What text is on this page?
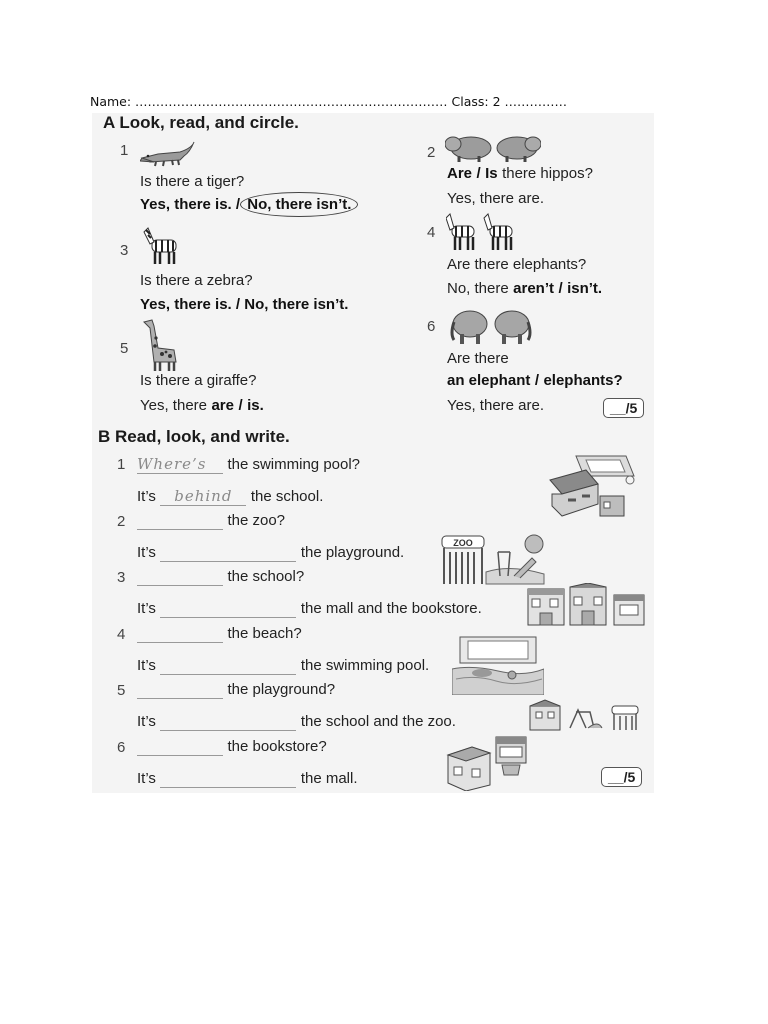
Name: ………………………………………………………………… Class: 2 ……………
A Look, read, and circle.
1
Is there a tiger?
Yes, there is. / No, there isn’t.
2
Are / Is there hippos?
Yes, there are.
3
Is there a zebra?
Yes, there is. / No, there isn’t.
4
Are there elephants?
No, there aren’t / isn’t.
5
Is there a giraffe?
Yes, there are / is.
6
Are there
an elephant / elephants?
Yes, there are.	__/5
B Read, look, and write.
1 Where’s the swimming pool?
It’s behind the school.
2	the zoo?
It’s	the playground.
3	the school?
It’s	the mall and the bookstore.
4	the beach?
It’s	the swimming pool.
5	the playground?
It’s	the school and the zoo.
6	the bookstore?
It’s	the mall.	__/5
ZOO
